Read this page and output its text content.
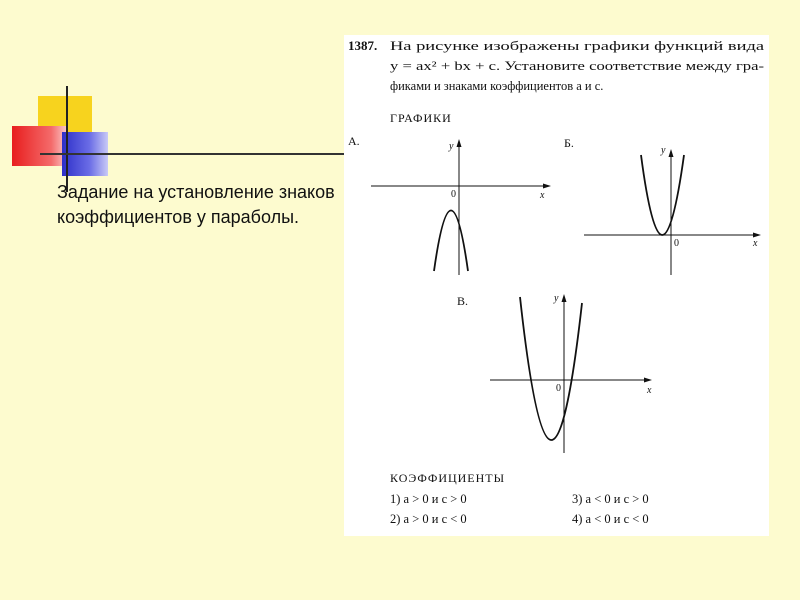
Задание на установление знаков коэффициентов у параболы.

1387. На рисунке изображены графики функций вида
y = ax² + bx + c. Установите соответствие между гра-
фиками и знаками коэффициентов a и c.
ГРАФИКИ
А.	y
x
0
Б.
y
x
0
В.	y
x
0
КОЭФФИЦИЕНТЫ
1) a > 0 и c > 0
2) a > 0 и c < 0
3) a < 0 и c > 0
4) a < 0 и c < 0
